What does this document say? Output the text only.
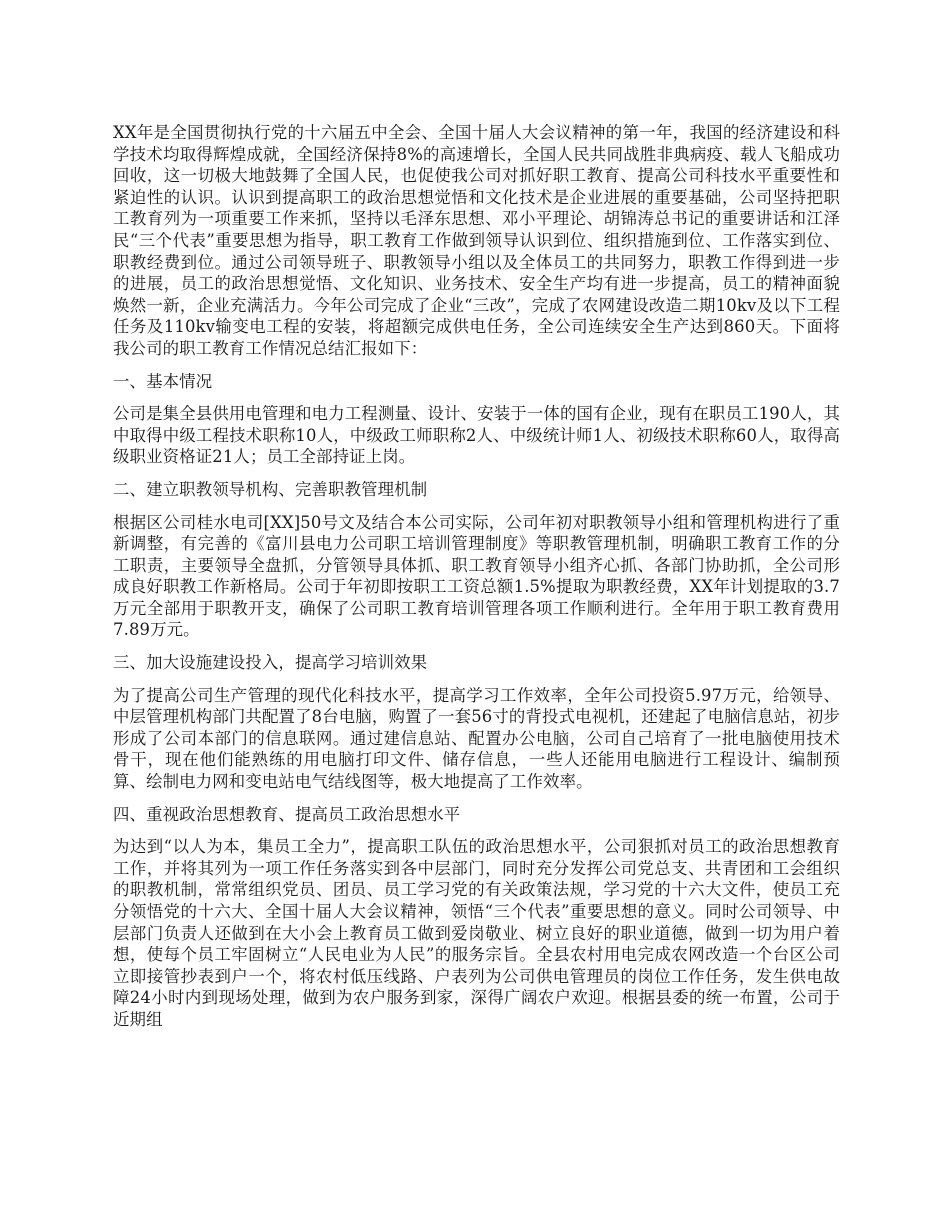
XX年是全国贯彻执行党的十六届五中全会、全国十届人大会议精神的第一年，我国的经济建设和科学技术均取得辉煌成就，全国经济保持8%的高速增长，全国人民共同战胜非典病疫、载人飞船成功回收，这一切极大地鼓舞了全国人民，也促使我公司对抓好职工教育、提高公司科技水平重要性和紧迫性的认识。认识到提高职工的政治思想觉悟和文化技术是企业进展的重要基础，公司坚持把职工教育列为一项重要工作来抓，坚持以毛泽东思想、邓小平理论、胡锦涛总书记的重要讲话和江泽民“三个代表”重要思想为指导，职工教育工作做到领导认识到位、组织措施到位、工作落实到位、职教经费到位。通过公司领导班子、职教领导小组以及全体员工的共同努力，职教工作得到进一步的进展，员工的政治思想觉悟、文化知识、业务技术、安全生产均有进一步提高，员工的精神面貌焕然一新，企业充满活力。今年公司完成了企业“三改”，完成了农网建设改造二期10kv及以下工程任务及110kv输变电工程的安装，将超额完成供电任务，全公司连续安全生产达到860天。下面将我公司的职工教育工作情况总结汇报如下：

一、基本情况

公司是集全县供用电管理和电力工程测量、设计、安装于一体的国有企业，现有在职员工190人，其中取得中级工程技术职称10人，中级政工师职称2人、中级统计师1人、初级技术职称60人，取得高级职业资格证21人；员工全部持证上岗。

二、建立职教领导机构、完善职教管理机制

根据区公司桂水电司[XX]50号文及结合本公司实际，公司年初对职教领导小组和管理机构进行了重新调整，有完善的《富川县电力公司职工培训管理制度》等职教管理机制，明确职工教育工作的分工职责，主要领导全盘抓，分管领导具体抓、职工教育领导小组齐心抓、各部门协助抓，全公司形成良好职教工作新格局。公司于年初即按职工工资总额1.5%提取为职教经费，XX年计划提取的3.7万元全部用于职教开支，确保了公司职工教育培训管理各项工作顺利进行。全年用于职工教育费用7.89万元。

三、加大设施建设投入，提高学习培训效果

为了提高公司生产管理的现代化科技水平，提高学习工作效率，全年公司投资5.97万元，给领导、中层管理机构部门共配置了8台电脑，购置了一套56寸的背投式电视机，还建起了电脑信息站，初步形成了公司本部门的信息联网。通过建信息站、配置办公电脑，公司自己培育了一批电脑使用技术骨干，现在他们能熟练的用电脑打印文件、储存信息，一些人还能用电脑进行工程设计、编制预算、绘制电力网和变电站电气结线图等，极大地提高了工作效率。

四、重视政治思想教育、提高员工政治思想水平

为达到“以人为本，集员工全力”，提高职工队伍的政治思想水平，公司狠抓对员工的政治思想教育工作，并将其列为一项工作任务落实到各中层部门，同时充分发挥公司党总支、共青团和工会组织的职教机制，常常组织党员、团员、员工学习党的有关政策法规，学习党的十六大文件，使员工充分领悟党的十六大、全国十届人大会议精神，领悟“三个代表”重要思想的意义。同时公司领导、中层部门负责人还做到在大小会上教育员工做到爱岗敬业、树立良好的职业道德，做到一切为用户着想，使每个员工牢固树立“人民电业为人民”的服务宗旨。全县农村用电完成农网改造一个台区公司立即接管抄表到户一个，将农村低压线路、户表列为公司供电管理员的岗位工作任务，发生供电故障24小时内到现场处理，做到为农户服务到家，深得广阔农户欢迎。根据县委的统一布置，公司于近期组
